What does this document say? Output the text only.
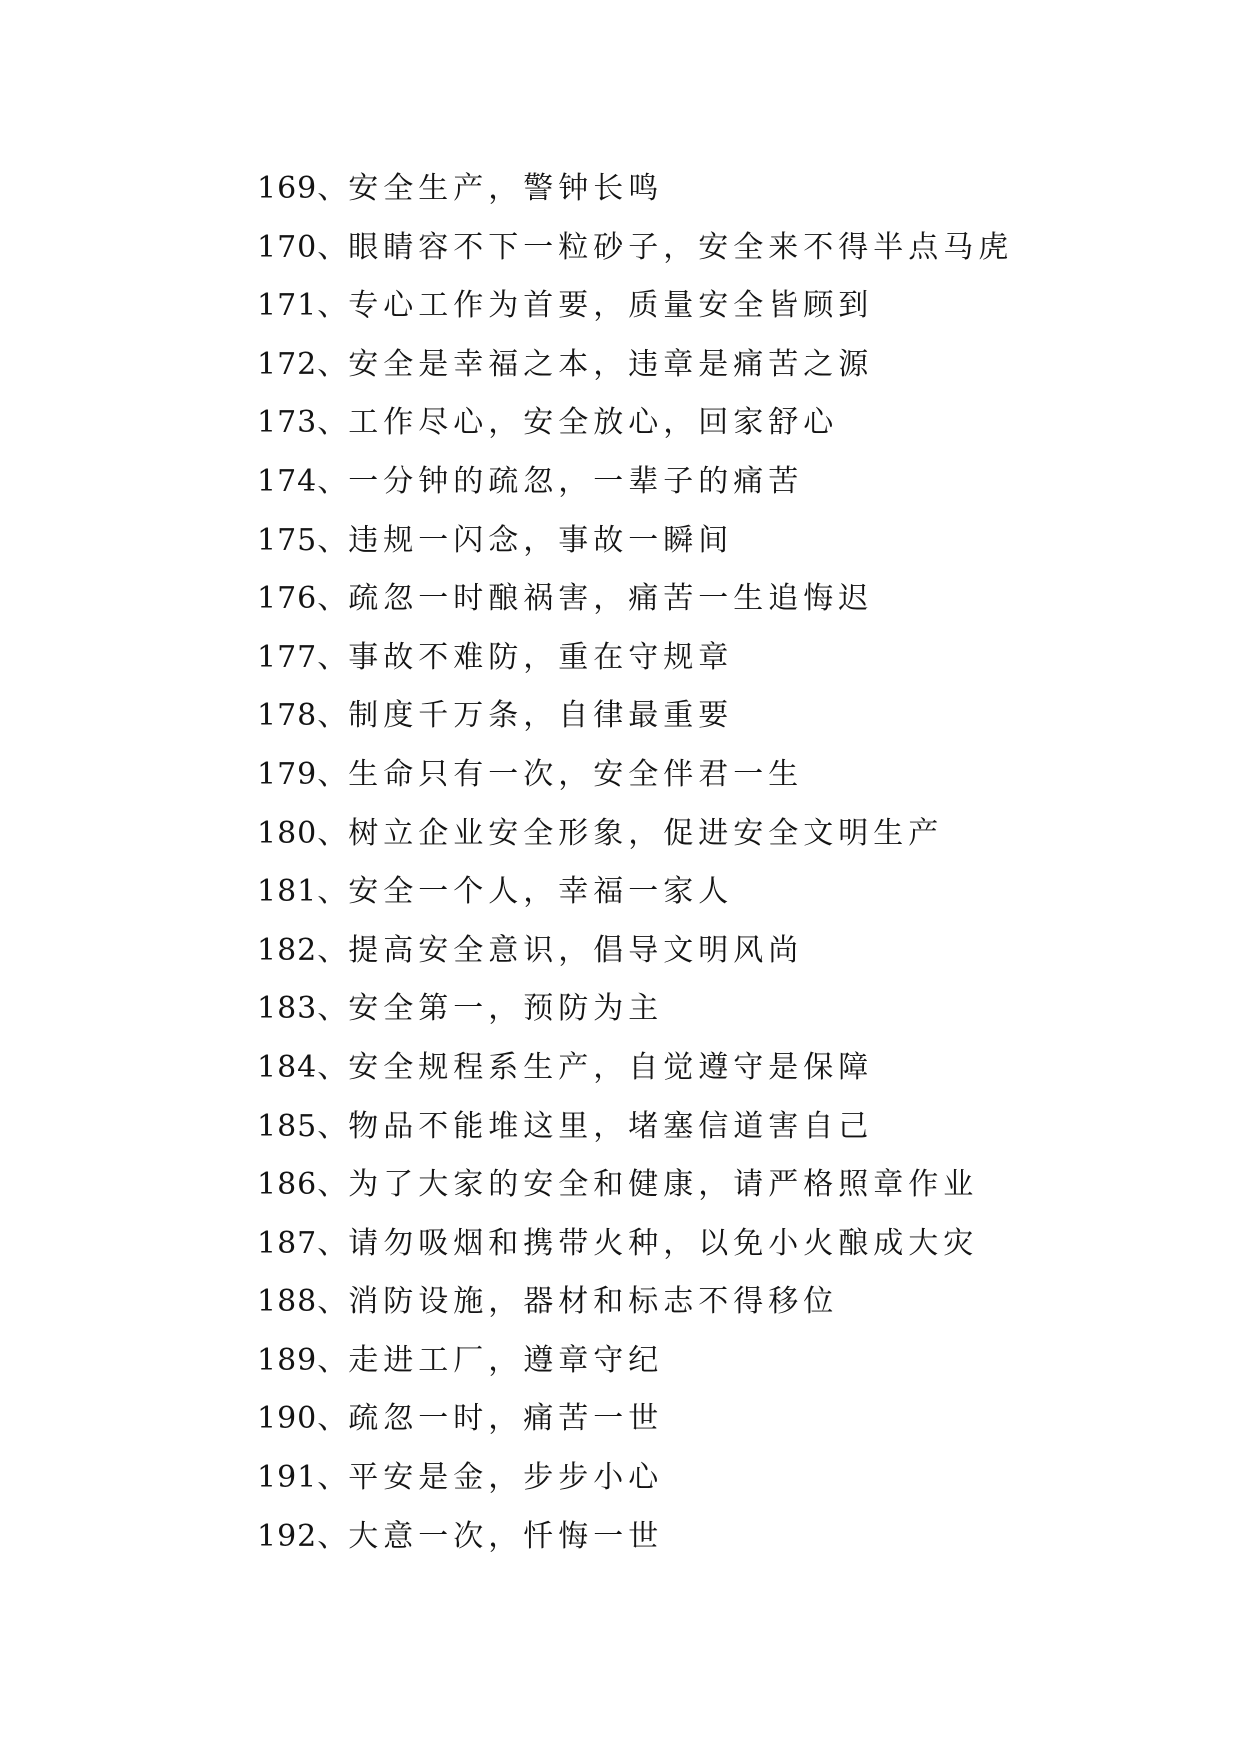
169、安全生产，警钟长鸣
170、眼睛容不下一粒砂子，安全来不得半点马虎
171、专心工作为首要，质量安全皆顾到
172、安全是幸福之本，违章是痛苦之源
173、工作尽心，安全放心，回家舒心
174、一分钟的疏忽，一辈子的痛苦
175、违规一闪念，事故一瞬间
176、疏忽一时酿祸害，痛苦一生追悔迟
177、事故不难防，重在守规章
178、制度千万条，自律最重要
179、生命只有一次，安全伴君一生
180、树立企业安全形象，促进安全文明生产
181、安全一个人，幸福一家人
182、提高安全意识，倡导文明风尚
183、安全第一，预防为主
184、安全规程系生产，自觉遵守是保障
185、物品不能堆这里，堵塞信道害自己
186、为了大家的安全和健康，请严格照章作业
187、请勿吸烟和携带火种，以免小火酿成大灾
188、消防设施，器材和标志不得移位
189、走进工厂，遵章守纪
190、疏忽一时，痛苦一世
191、平安是金，步步小心
192、大意一次，忏悔一世
